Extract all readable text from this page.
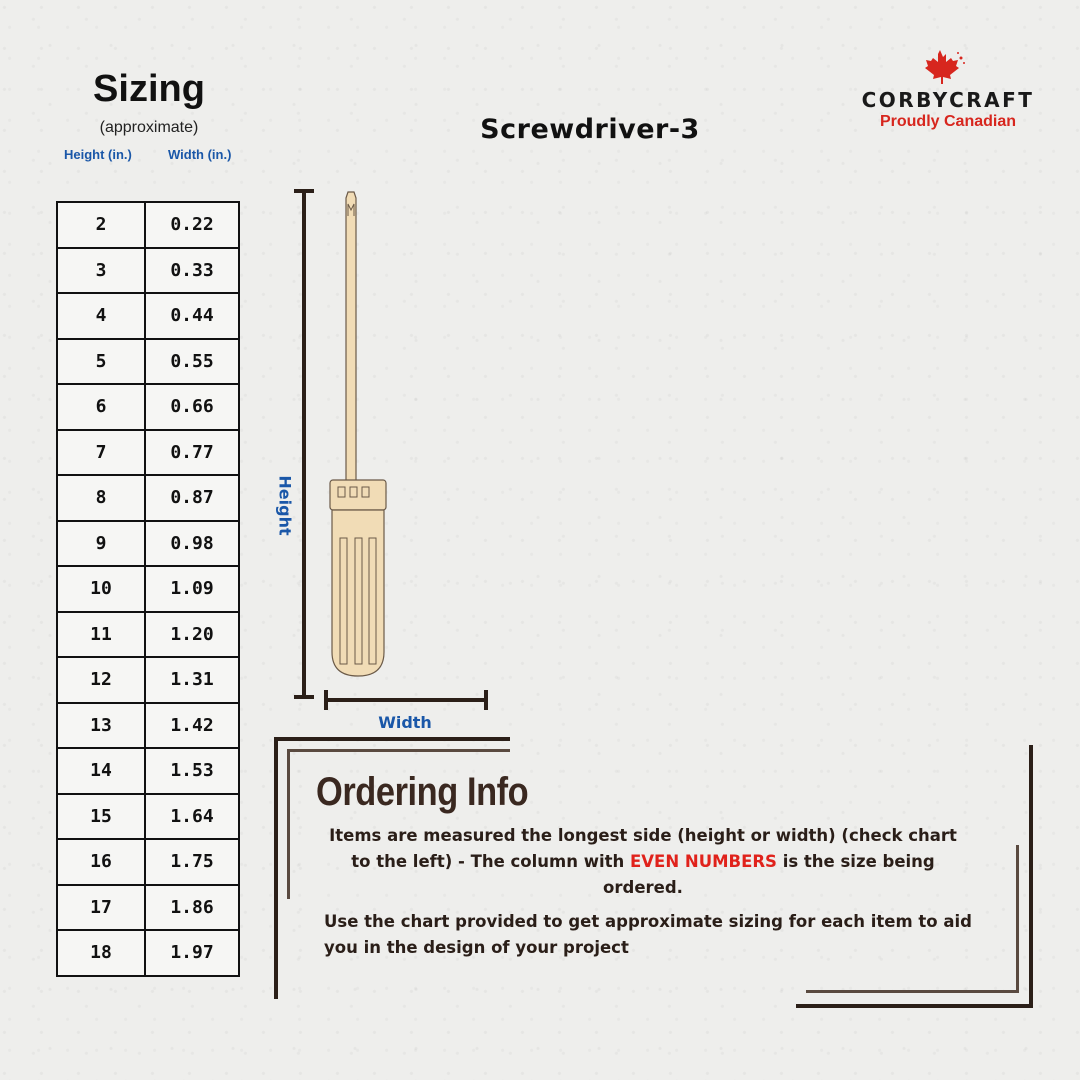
Sizing
(approximate)
Height (in.)	Width (in.)
2	0.22
3	0.33
4	0.44
5	0.55
6	0.66
7	0.77
8	0.87
9	0.98
10	1.09
11	1.20
12	1.31
13	1.42
14	1.53
15	1.64
16	1.75
17	1.86
18	1.97
Screwdriver-3
CORBYCRAFT
Proudly Canadian
Height
Width
Ordering Info
Items are measured the longest side (height or width) (check chart to the left) - The column with EVEN NUMBERS is the size being ordered.
Use the chart provided to get approximate sizing for each item to aid you in the design of your project
